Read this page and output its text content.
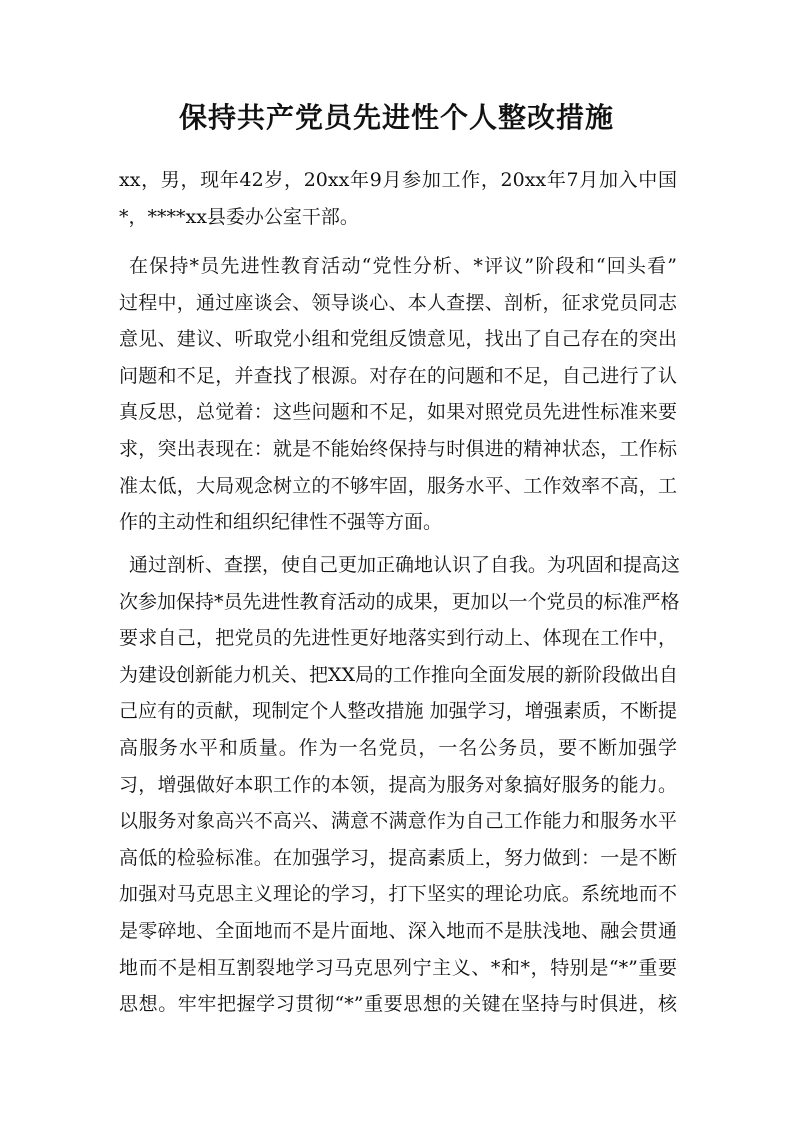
保持共产党员先进性个人整改措施
xx，男，现年42岁，20xx年9月参加工作，20xx年7月加入中国
*，****xx县委办公室干部。
在保持*员先进性教育活动“党性分析、*评议”阶段和“回头看”
过程中，通过座谈会、领导谈心、本人查摆、剖析，征求党员同志
意见、建议、听取党小组和党组反馈意见，找出了自己存在的突出
问题和不足，并查找了根源。对存在的问题和不足，自己进行了认
真反思，总觉着：这些问题和不足，如果对照党员先进性标准来要
求，突出表现在：就是不能始终保持与时俱进的精神状态，工作标
准太低，大局观念树立的不够牢固，服务水平、工作效率不高，工
作的主动性和组织纪律性不强等方面。
通过剖析、查摆，使自己更加正确地认识了自我。为巩固和提高这
次参加保持*员先进性教育活动的成果，更加以一个党员的标准严格
要求自己，把党员的先进性更好地落实到行动上、体现在工作中，
为建设创新能力机关、把XX局的工作推向全面发展的新阶段做出自
己应有的贡献，现制定个人整改措施 加强学习，增强素质，不断提
高服务水平和质量。作为一名党员，一名公务员，要不断加强学
习，增强做好本职工作的本领，提高为服务对象搞好服务的能力。
以服务对象高兴不高兴、满意不满意作为自己工作能力和服务水平
高低的检验标准。在加强学习，提高素质上，努力做到：一是不断
加强对马克思主义理论的学习，打下坚实的理论功底。系统地而不
是零碎地、全面地而不是片面地、深入地而不是肤浅地、融会贯通
地而不是相互割裂地学习马克思列宁主义、*和*，特别是“*”重要
思想。牢牢把握学习贯彻“*”重要思想的关键在坚持与时俱进，核
